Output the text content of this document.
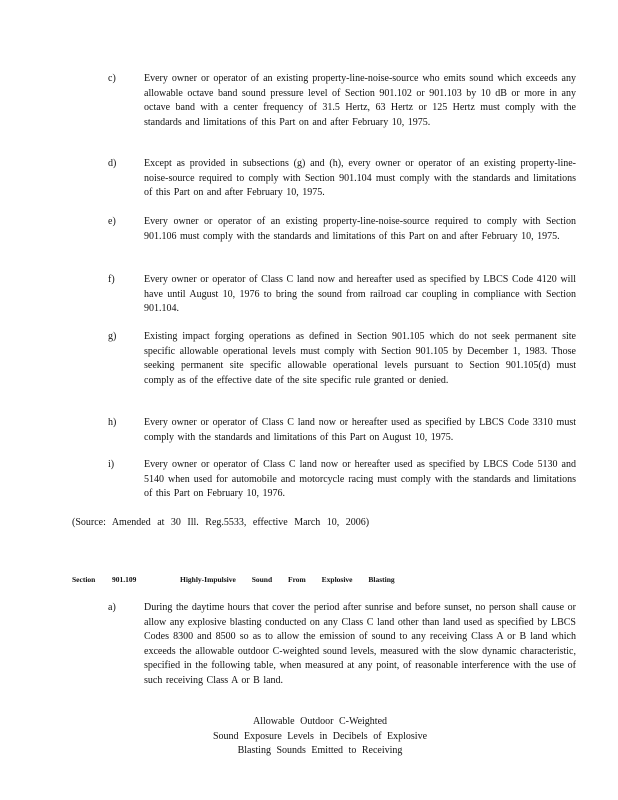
c)	Every owner or operator of an existing property-line-noise-source who emits sound which exceeds any allowable octave band sound pressure level of Section 901.102 or 901.103 by 10 dB or more in any octave band with a center frequency of 31.5 Hertz, 63 Hertz or 125 Hertz must comply with the standards and limitations of this Part on and after February 10, 1975.
d)	Except as provided in subsections (g) and (h), every owner or operator of an existing property-line-noise-source required to comply with Section 901.104 must comply with the standards and limitations of this Part on and after February 10, 1975.
e)	Every owner or operator of an existing property-line-noise-source required to comply with Section 901.106 must comply with the standards and limitations of this Part on and after February 10, 1975.
f)	Every owner or operator of Class C land now and hereafter used as specified by LBCS Code 4120 will have until August 10, 1976 to bring the sound from railroad car coupling in compliance with Section 901.104.
g)	Existing impact forging operations as defined in Section 901.105 which do not seek permanent site specific allowable operational levels must comply with Section 901.105 by December 1, 1983. Those seeking permanent site specific allowable operational levels pursuant to Section 901.105(d) must comply as of the effective date of the site specific rule granted or denied.
h)	Every owner or operator of Class C land now or hereafter used as specified by LBCS Code 3310 must comply with the standards and limitations of this Part on August 10, 1975.
i)	Every owner or operator of Class C land now or hereafter used as specified by LBCS Code 5130 and 5140 when used for automobile and motorcycle racing must comply with the standards and limitations of this Part on February 10, 1976.
(Source: Amended at 30 Ill. Reg.5533, effective March 10, 2006)
Section 901.109	Highly-Impulsive Sound From Explosive Blasting
a)	During the daytime hours that cover the period after sunrise and before sunset, no person shall cause or allow any explosive blasting conducted on any Class C land other than land used as specified by LBCS Codes 8300 and 8500 so as to allow the emission of sound to any receiving Class A or B land which exceeds the allowable outdoor C-weighted sound levels, measured with the slow dynamic characteristic, specified in the following table, when measured at any point, of reasonable interference with the use of such receiving Class A or B land.
Allowable Outdoor C-Weighted
Sound Exposure Levels in Decibels of Explosive
Blasting Sounds Emitted to Receiving
